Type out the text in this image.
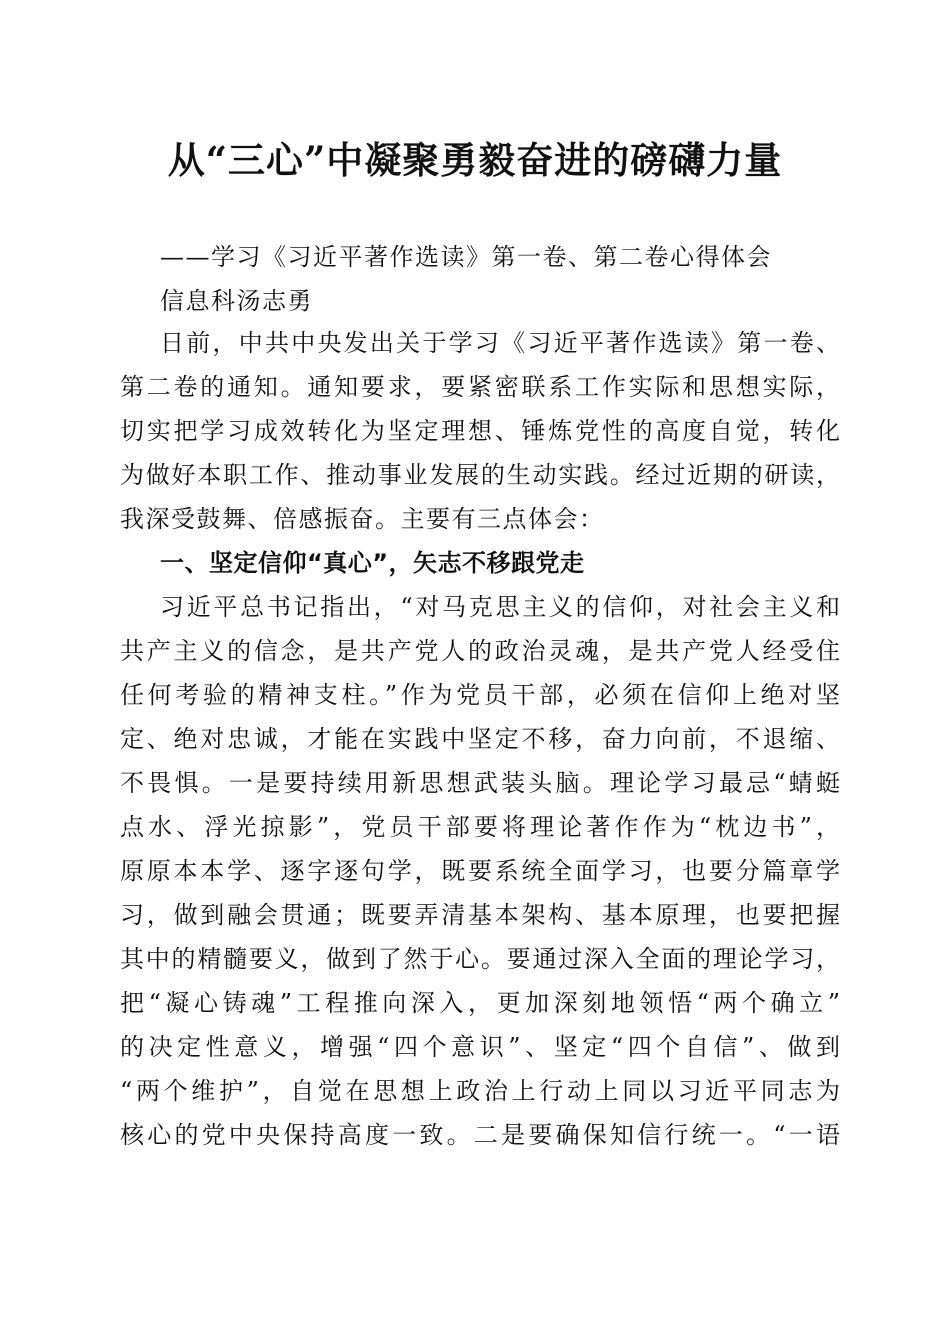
从“三心”中凝聚勇毅奋进的磅礴力量
——学习《习近平著作选读》第一卷、第二卷心得体会
信息科汤志勇
日前，中共中央发出关于学习《习近平著作选读》第一卷、
第二卷的通知。通知要求，要紧密联系工作实际和思想实际，
切实把学习成效转化为坚定理想、锤炼党性的高度自觉，转化
为做好本职工作、推动事业发展的生动实践。经过近期的研读，
我深受鼓舞、倍感振奋。主要有三点体会：
一、坚定信仰“真心”，矢志不移跟党走
习近平总书记指出，“对马克思主义的信仰，对社会主义和
共产主义的信念，是共产党人的政治灵魂，是共产党人经受住
任何考验的精神支柱。”作为党员干部，必须在信仰上绝对坚
定、绝对忠诚，才能在实践中坚定不移，奋力向前，不退缩、
不畏惧。一是要持续用新思想武装头脑。理论学习最忌“蜻蜓
点水、浮光掠影”，党员干部要将理论著作作为“枕边书”，
原原本本学、逐字逐句学，既要系统全面学习，也要分篇章学
习，做到融会贯通；既要弄清基本架构、基本原理，也要把握
其中的精髓要义，做到了然于心。要通过深入全面的理论学习，
把“凝心铸魂”工程推向深入，更加深刻地领悟“两个确立”
的决定性意义，增强“四个意识”、坚定“四个自信”、做到
“两个维护”，自觉在思想上政治上行动上同以习近平同志为
核心的党中央保持高度一致。二是要确保知信行统一。“一语
